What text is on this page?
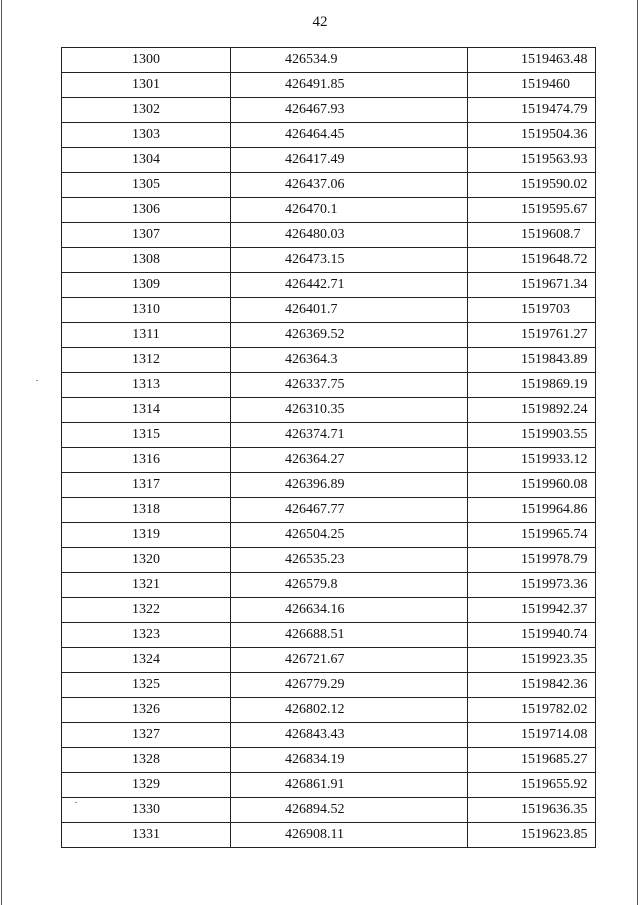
42
1300	426534.9	1519463.48
1301	426491.85	1519460
1302	426467.93	1519474.79
1303	426464.45	1519504.36
1304	426417.49	1519563.93
1305	426437.06	1519590.02
1306	426470.1	1519595.67
1307	426480.03	1519608.7
1308	426473.15	1519648.72
1309	426442.71	1519671.34
1310	426401.7	1519703
1311	426369.52	1519761.27
1312	426364.3	1519843.89
1313	426337.75	1519869.19
1314	426310.35	1519892.24
1315	426374.71	1519903.55
1316	426364.27	1519933.12
1317	426396.89	1519960.08
1318	426467.77	1519964.86
1319	426504.25	1519965.74
1320	426535.23	1519978.79
1321	426579.8	1519973.36
1322	426634.16	1519942.37
1323	426688.51	1519940.74
1324	426721.67	1519923.35
1325	426779.29	1519842.36
1326	426802.12	1519782.02
1327	426843.43	1519714.08
1328	426834.19	1519685.27
1329	426861.91	1519655.92
1330	426894.52	1519636.35
1331	426908.11	1519623.85
